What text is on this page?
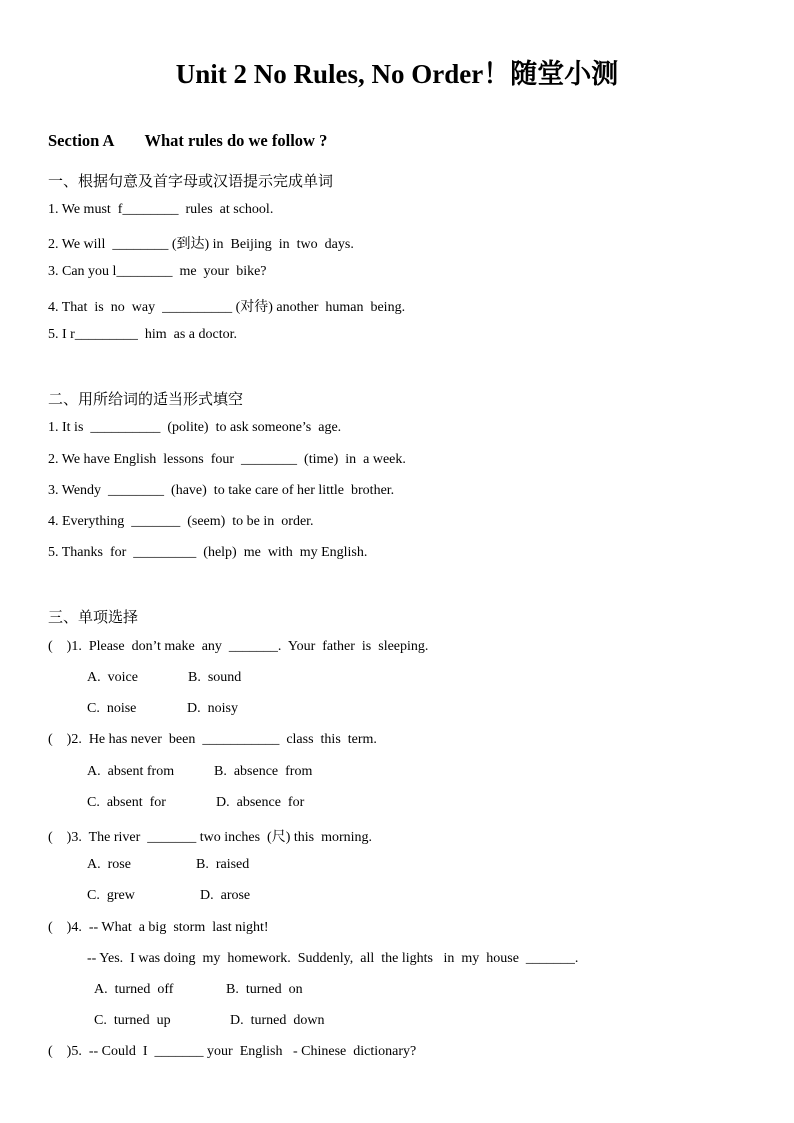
Unit 2 No Rules, No Order！随堂小测
Section A What rules do we follow ?
一、根据句意及首字母或汉语提示完成单词
1. We must  f________  rules  at school.
2. We will  ________ (到达) in  Beijing  in  two  days.
3. Can you l________  me  your  bike?
4. That  is  no  way  __________ (对待) another  human  being.
5. I r_________  him  as a doctor.
二、用所给词的适当形式填空
1. It is  __________  (polite)  to ask someone’s  age.
2. We have English  lessons  four  ________  (time)  in  a week.
3. Wendy  ________  (have)  to take care of her little  brother.
4. Everything  _______  (seem)  to be in  order.
5. Thanks  for  _________  (help)  me  with  my English.
三、单项选择
(    )1.  Please  don’t make  any  _______.  Your  father  is  sleeping.
A.  voice	B.  sound
C.  noise	D.  noisy
(    )2.  He has never  been  ___________  class  this  term.
A.  absent from	B.  absence  from
C.  absent  for	D.  absence  for
(    )3.  The river  _______ two inches  (尺) this  morning.
A.  rose	B.  raised
C.  grew	D.  arose
(    )4.  -- What  a big  storm  last night!
-- Yes.  I was doing  my  homework.  Suddenly,  all  the lights   in  my  house  _______.
A.  turned  off	B.  turned  on
C.  turned  up	D.  turned  down
(    )5.  -- Could  I  _______ your  English   - Chinese  dictionary?
